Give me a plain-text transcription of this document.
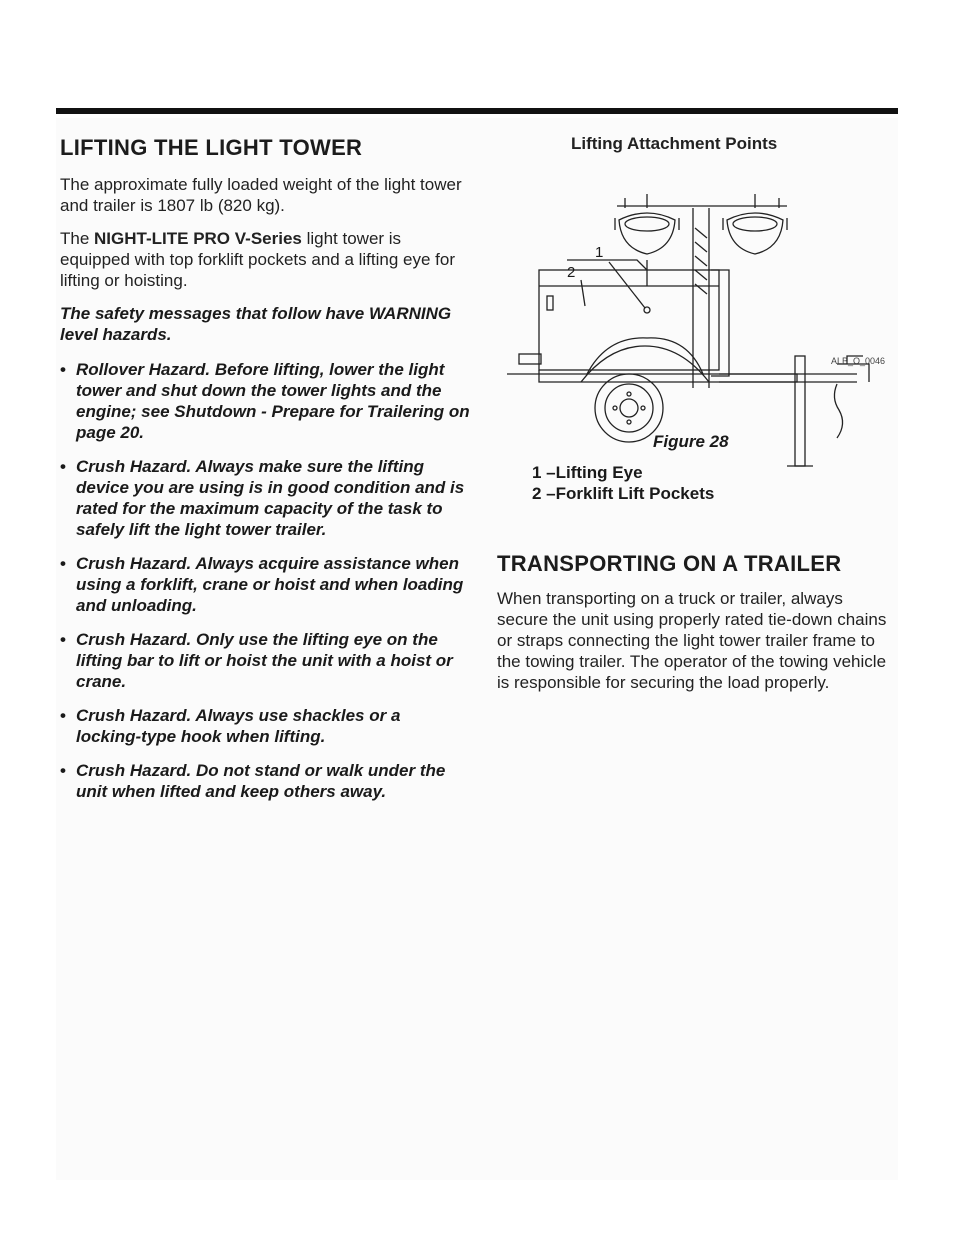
LIFTING THE LIGHT TOWER

The approximate fully loaded weight of the light tower and trailer is 1807 lb (820 kg).

The NIGHT-LITE PRO V-Series light tower is equipped with top forklift pockets and a lifting eye for lifting or hoisting.

The safety messages that follow have WARNING level hazards.

• Rollover Hazard. Before lifting, lower the light tower and shut down the tower lights and the engine; see Shutdown - Prepare for Trailering on page 20.
• Crush Hazard. Always make sure the lifting device you are using is in good condition and is rated for the maximum capacity of the task to safely lift the light tower trailer.
• Crush Hazard. Always acquire assistance when using a forklift, crane or hoist and when loading and unloading.
• Crush Hazard. Only use the lifting eye on the lifting bar to lift or hoist the unit with a hoist or crane.
• Crush Hazard. Always use shackles or a locking-type hook when lifting.
• Crush Hazard. Do not stand or walk under the unit when lifted and keep others away.
Lifting Attachment Points
1
2
ALB_O_0046
Figure 28
1 –Lifting Eye
2 –Forklift Lift Pockets
TRANSPORTING ON A TRAILER

When transporting on a truck or trailer, always secure the unit using properly rated tie-down chains or straps connecting the light tower trailer frame to the towing trailer. The operator of the towing vehicle is responsible for securing the load properly.
